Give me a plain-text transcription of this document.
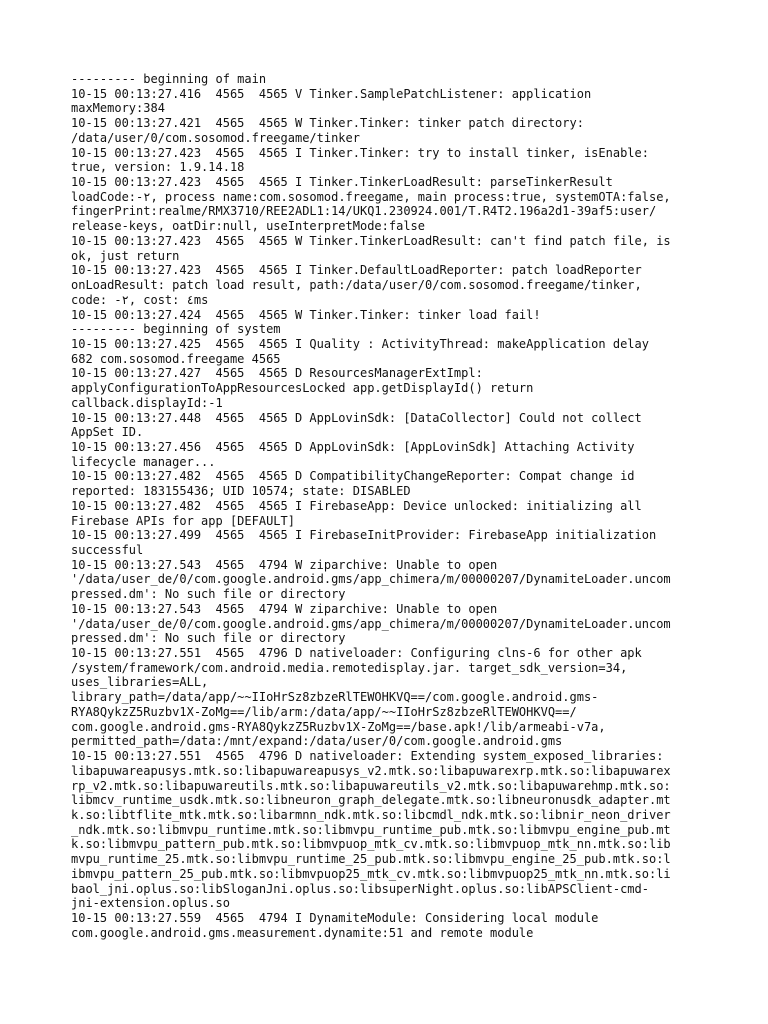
--------- beginning of main
10-15 00:13:27.416  4565  4565 V Tinker.SamplePatchListener: application
maxMemory:384
10-15 00:13:27.421  4565  4565 W Tinker.Tinker: tinker patch directory:
/data/user/0/com.sosomod.freegame/tinker
10-15 00:13:27.423  4565  4565 I Tinker.Tinker: try to install tinker, isEnable:
true, version: 1.9.14.18
10-15 00:13:27.423  4565  4565 I Tinker.TinkerLoadResult: parseTinkerResult
loadCode:-٢, process name:com.sosomod.freegame, main process:true, systemOTA:false,
fingerPrint:realme/RMX3710/REE2ADL1:14/UKQ1.230924.001/T.R4T2.196a2d1-39af5:user/
release-keys, oatDir:null, useInterpretMode:false
10-15 00:13:27.423  4565  4565 W Tinker.TinkerLoadResult: can't find patch file, is
ok, just return
10-15 00:13:27.423  4565  4565 I Tinker.DefaultLoadReporter: patch loadReporter
onLoadResult: patch load result, path:/data/user/0/com.sosomod.freegame/tinker,
code: -٢, cost: ٤ms
10-15 00:13:27.424  4565  4565 W Tinker.Tinker: tinker load fail!
--------- beginning of system
10-15 00:13:27.425  4565  4565 I Quality : ActivityThread: makeApplication delay
682 com.sosomod.freegame 4565
10-15 00:13:27.427  4565  4565 D ResourcesManagerExtImpl:
applyConfigurationToAppResourcesLocked app.getDisplayId() return
callback.displayId:-1
10-15 00:13:27.448  4565  4565 D AppLovinSdk: [DataCollector] Could not collect
AppSet ID.
10-15 00:13:27.456  4565  4565 D AppLovinSdk: [AppLovinSdk] Attaching Activity
lifecycle manager...
10-15 00:13:27.482  4565  4565 D CompatibilityChangeReporter: Compat change id
reported: 183155436; UID 10574; state: DISABLED
10-15 00:13:27.482  4565  4565 I FirebaseApp: Device unlocked: initializing all
Firebase APIs for app [DEFAULT]
10-15 00:13:27.499  4565  4565 I FirebaseInitProvider: FirebaseApp initialization
successful
10-15 00:13:27.543  4565  4794 W ziparchive: Unable to open
'/data/user_de/0/com.google.android.gms/app_chimera/m/00000207/DynamiteLoader.uncom
pressed.dm': No such file or directory
10-15 00:13:27.543  4565  4794 W ziparchive: Unable to open
'/data/user_de/0/com.google.android.gms/app_chimera/m/00000207/DynamiteLoader.uncom
pressed.dm': No such file or directory
10-15 00:13:27.551  4565  4796 D nativeloader: Configuring clns-6 for other apk
/system/framework/com.android.media.remotedisplay.jar. target_sdk_version=34,
uses_libraries=ALL,
library_path=/data/app/~~IIoHrSz8zbzeRlTEWOHKVQ==/com.google.android.gms-
RYA8QykzZ5Ruzbv1X-ZoMg==/lib/arm:/data/app/~~IIoHrSz8zbzeRlTEWOHKVQ==/
com.google.android.gms-RYA8QykzZ5Ruzbv1X-ZoMg==/base.apk!/lib/armeabi-v7a,
permitted_path=/data:/mnt/expand:/data/user/0/com.google.android.gms
10-15 00:13:27.551  4565  4796 D nativeloader: Extending system_exposed_libraries:
libapuwareapusys.mtk.so:libapuwareapusys_v2.mtk.so:libapuwarexrp.mtk.so:libapuwarex
rp_v2.mtk.so:libapuwareutils.mtk.so:libapuwareutils_v2.mtk.so:libapuwarehmp.mtk.so:
libmcv_runtime_usdk.mtk.so:libneuron_graph_delegate.mtk.so:libneuronusdk_adapter.mt
k.so:libtflite_mtk.mtk.so:libarmnn_ndk.mtk.so:libcmdl_ndk.mtk.so:libnir_neon_driver
_ndk.mtk.so:libmvpu_runtime.mtk.so:libmvpu_runtime_pub.mtk.so:libmvpu_engine_pub.mt
k.so:libmvpu_pattern_pub.mtk.so:libmvpuop_mtk_cv.mtk.so:libmvpuop_mtk_nn.mtk.so:lib
mvpu_runtime_25.mtk.so:libmvpu_runtime_25_pub.mtk.so:libmvpu_engine_25_pub.mtk.so:l
ibmvpu_pattern_25_pub.mtk.so:libmvpuop25_mtk_cv.mtk.so:libmvpuop25_mtk_nn.mtk.so:li
baol_jni.oplus.so:libSloganJni.oplus.so:libsuperNight.oplus.so:libAPSClient-cmd-
jni-extension.oplus.so
10-15 00:13:27.559  4565  4794 I DynamiteModule: Considering local module
com.google.android.gms.measurement.dynamite:51 and remote module
